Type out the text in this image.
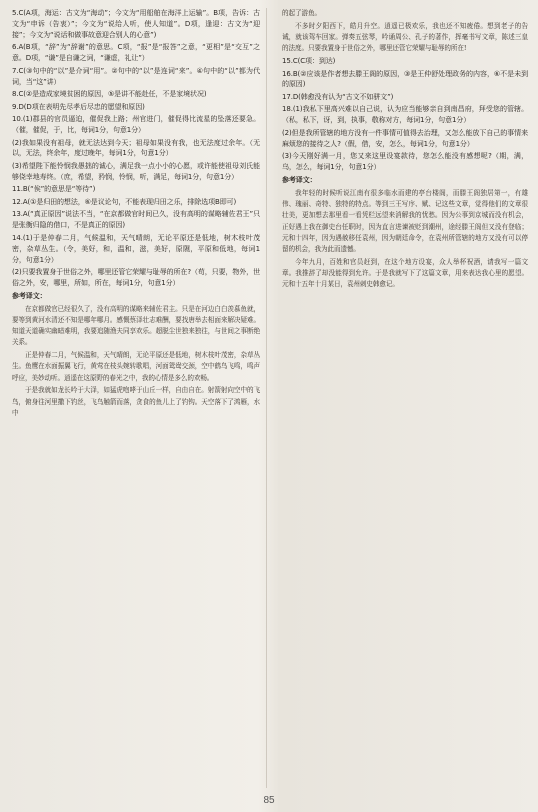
5.C(A项，海运：古文为“海动”；今文为“用船舶在海洋上运输”。B项，告诉：古文为“申诉（告衷）”；今文为“说给人听，使人知道”。D项，逢迎：古文为“迎接”；今文为“说话和做事故意迎合别人的心意”)

6.A(B项，“辞”为“辞谢”的意思。C项，“报”是“报答”之意，“更相”是“交互”之意。D项，“谦”是自谦之词，“谦虚，礼让”）

7.C(③句中的“以”是介词“用”。②句中的“以”是连词“来”。④句中的“以”都为代词，当“这”讲）

8.C(②是造成家境贫困的原因，⑤是讲不能赴任，不是家境状况)

9.D(D项在表明先尽孝后尽忠的愿望和原因)

10.(1)郡县的官员逼迫，催促我上路；州官进门，催促得比流星的坠落还要急。（催，催促，于，比，每词1分，句意1分）

(2)我如果没有祖母，就无法达到今天；祖母如果没有我，也无法度过余年。（无以，无法，终余年，度过晚年，每词1分，句意1分）

(3)希望陛下能怜悯我愚拙的诚心，满足我一点小小的心愿，或许能使祖母刘氏能够侥幸地寿终。（庶，希望，矜悯，怜悯，听，满足，每词1分，句意1分）

11.B(“俟”的意思是“等待”)

12.A(①是归田的想法，⑥是议论句，不能表现归田之乐，排除选项B即可)

13.A(“真正原因”说法不当，“在京都做官时间已久，没有高明的谋略辅佐君王”只是张衡归隐的借口，不是真正的原因)

14.(1)于是仲春二月，气候温和，天气晴朗，无论平原还是低地，树木枝叶茂密，杂草丛生。（令，美好，和，温和，滋，美好，原隰，平原和低地，每词1分，句意1分）

(2)只要我置身于世俗之外，哪里还管它荣耀与耻辱的所在?（苟，只要，物外，世俗之外，安，哪里，所如，所在，每词1分，句意1分）

参考译文：

在京都做官已经很久了，没有高明的谋略来辅佐君主。只是在河边白白羡慕鱼就，要等到黄河水清还不知是哪年哪月。感慨蔡泽壮志难酬，要找唐举去相面来解决疑难。知道天道确实幽暗难明，我要追随渔夫同享欢乐。超脱尘世独来独往，与世间之事断绝关系。

正是仲春二月，气候温和，天气晴朗，无论平原还是低地，树木枝叶茂密，杂草丛生。鱼鹰在水面振翼飞行，黄莺在枝头婉转歌唱，河面鸳鸯交颈，空中鹤鸟飞鸣，鸣声呼应，美妙动听。逍遥在这原野的春光之中，我的心情是多么的欢畅。

于是我就如龙长吟于大泽，如猛虎咆哮于山丘一样，自由自在。射箭射向空中的飞鸟，俯身往河里撒下钓丝，飞鸟触箭而落，贪食的鱼儿上了钓钩。天空落下了鸿雁，水中

的起了游鱼。

不多时夕阳西下，皓月升空。逍遥已极欢乐，我也还不知疲倦。想到老子的告诫，就该驾车回家。弹奏五弦琴，吟诵周公、孔子的著作，挥毫书写文章，陈述三皇的法度。只要我置身于世俗之外，哪里还管它荣耀与耻辱的所在!

15.C(C项：到达)

16.B(②应该是作者想去滕王阁的原因，③是王仲舒处理政务的内容，⑥不是未到的原因)

17.D(韩愈没有认为“古文不如骈文”)

18.(1)我私下里高兴难以自己说，认为应当能够亲自到南昌府，拜受您的管辖。（私，私下，讶，到，执事，敬称对方，每词1分，句意1分）

(2)但是我所管辖的地方没有一件事情可值得去治理，又怎么能放下自己的事情来麻烦您的接待之人?（假，借，安，怎么，每词1分，句意1分）

(3)今天刚好满一月，您又来这里设宴款待，您怎么能没有感想呢?（期，满，乌，怎么，每词1分，句意1分）

参考译文：

我年轻的时候听说江南有很多临水而建的亭台楼阁，而滕王阁独居第一，有雄伟、瑰丽、奇特、独特的特点。等到三王写序、赋、记这些文章，觉得他们的文章很壮美，更加想去那里看一看凭栏远望来消解我的忧愁。因为公事到京城而没有机会，正好遇上我在御史台任职时，因为直言进谏被贬到潮州，途经滕王阁但又没有登临；元和十四年，因为遇赦移任袁州，因为朝廷命令，在袁州所管辖的地方又没有可以停留的机会，我为此而遗憾。

今年九月，百姓和官员赶到，在这个地方设宴，众人举杯祝酒，请我写一篇文章。我推辞了却没能得到允许。于是我就写下了这篇文章，用来表达我心里的愿望。元和十五年十月某日，袁州刺史韩愈记。

85
